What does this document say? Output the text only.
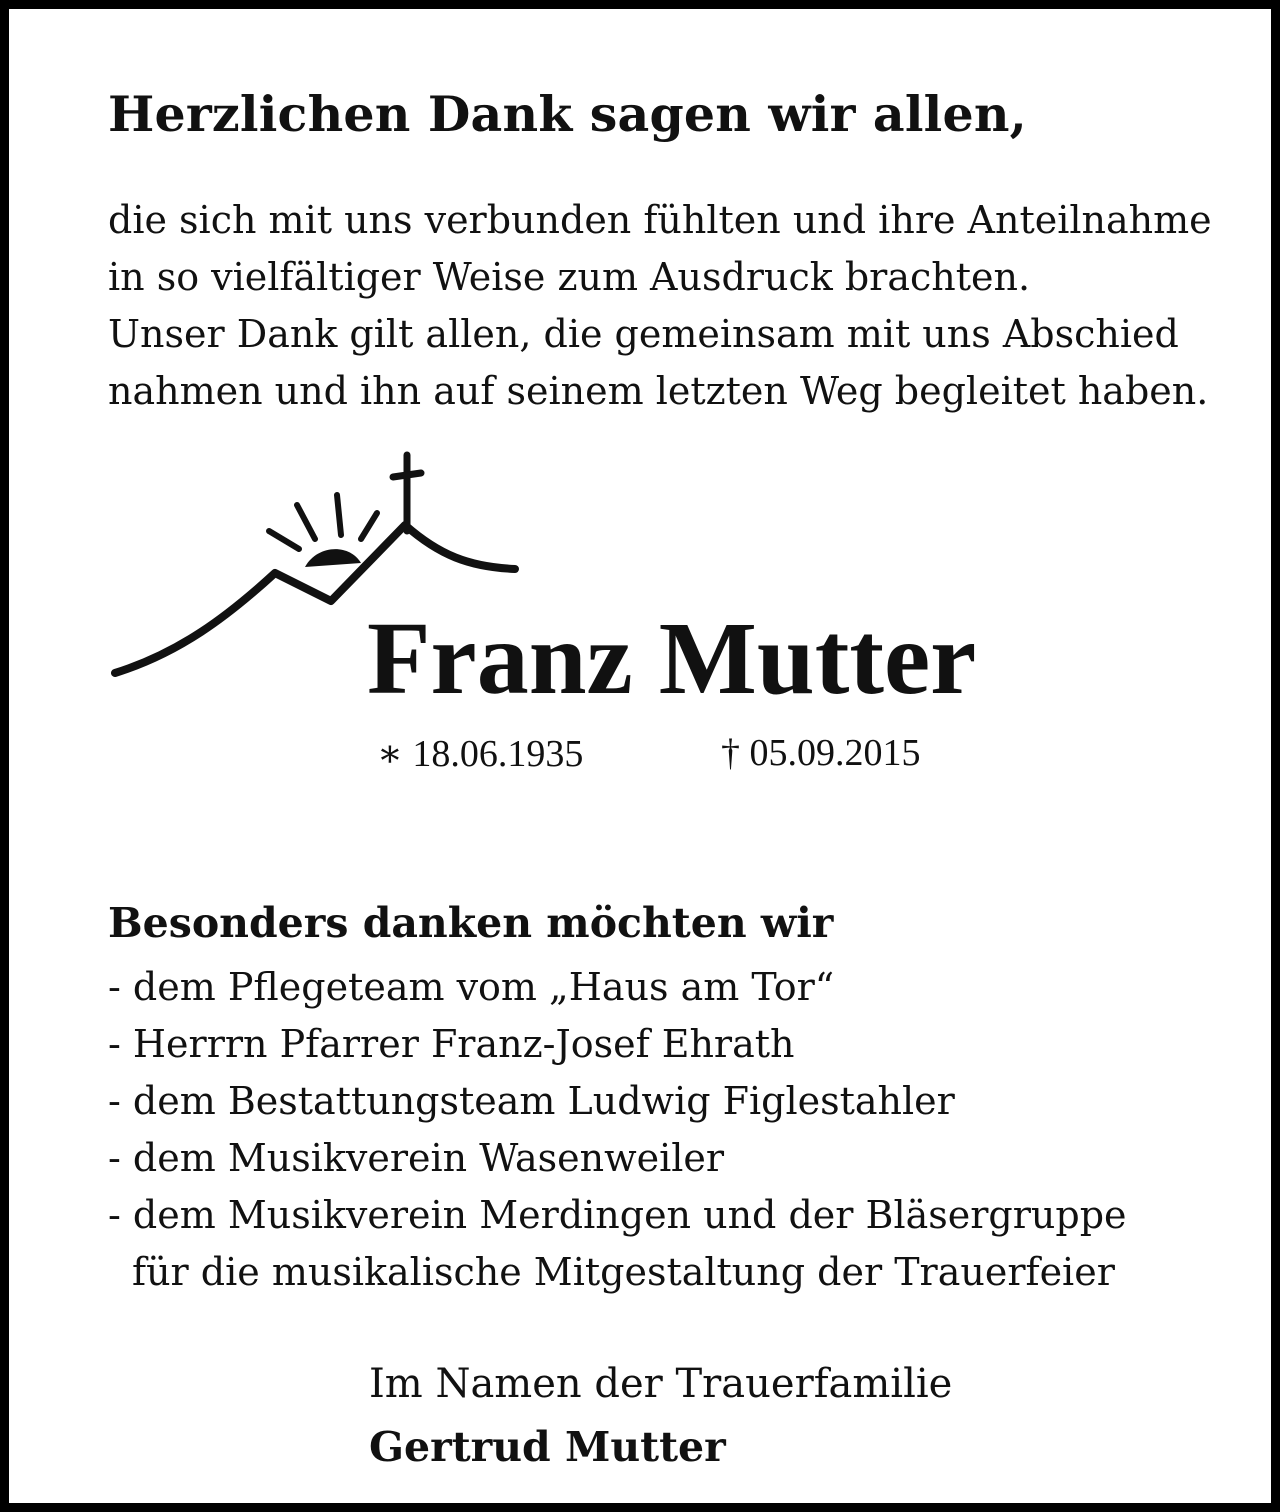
Herzlichen Dank sagen wir allen,
die sich mit uns verbunden fühlten und ihre Anteilnahme
in so vielfältiger Weise zum Ausdruck brachten.
Unser Dank gilt allen, die gemeinsam mit uns Abschied
nahmen und ihn auf seinem letzten Weg begleitet haben.
Franz Mutter
∗ 18.06.1935	† 05.09.2015
Besonders danken möchten wir
- dem Pflegeteam vom „Haus am Tor“
- Herrrn Pfarrer Franz-Josef Ehrath
- dem Bestattungsteam Ludwig Figlestahler
- dem Musikverein Wasenweiler
- dem Musikverein Merdingen und der Bläsergruppe
für die musikalische Mitgestaltung der Trauerfeier
Im Namen der Trauerfamilie
Gertrud Mutter
